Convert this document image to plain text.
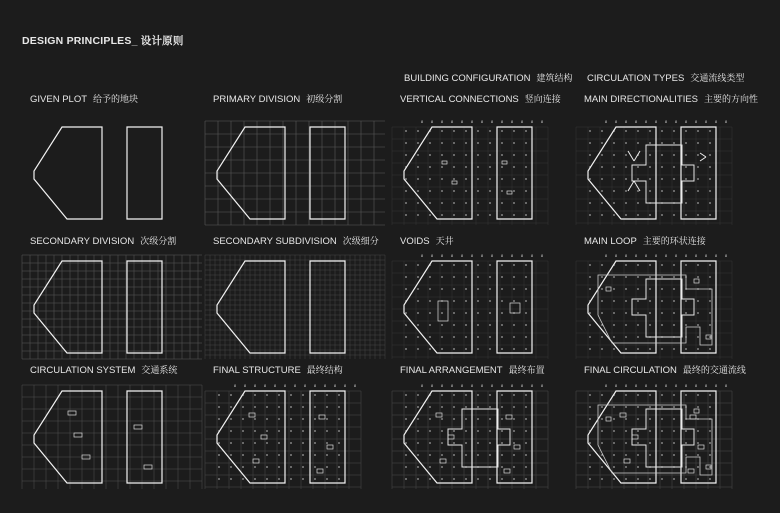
DESIGN PRINCIPLES_ 设计原则
BUILDING CONFIGURATION 建筑结构 CIRCULATION TYPES 交通流线类型
GIVEN PLOT 给予的地块	PRIMARY DIVISION 初级分割	VERTICAL CONNECTIONS 竖向连接
8 8 8 8 8 8 8 8 8 8 8 8 8
MAIN DIRECTIONALITIES 主要的方向性
8 8 8 8 8 8 8 8 8 8 8 8 8
SECONDARY DIVISION 次级分割	SECONDARY SUBDIVISION 次级细分 VOIDS 天井
8 8 8 8 8 8 8 8 8 8 8 8 8
MAIN LOOP 主要的环状连接
8 8 8 8 8 8 8 8 8 8 8 8 8
CIRCULATION SYSTEM 交通系统	FINAL STRUCTURE 最终结构
8 8 8 8 8 8 8 8 8 8 8 8 8
FINAL ARRANGEMENT 最终布置
8 8 8 8 8 8 8 8 8 8 8 8 8
FINAL CIRCULATION 最终的交通流线
8 8 8 8 8 8 8 8 8 8 8 8 8
